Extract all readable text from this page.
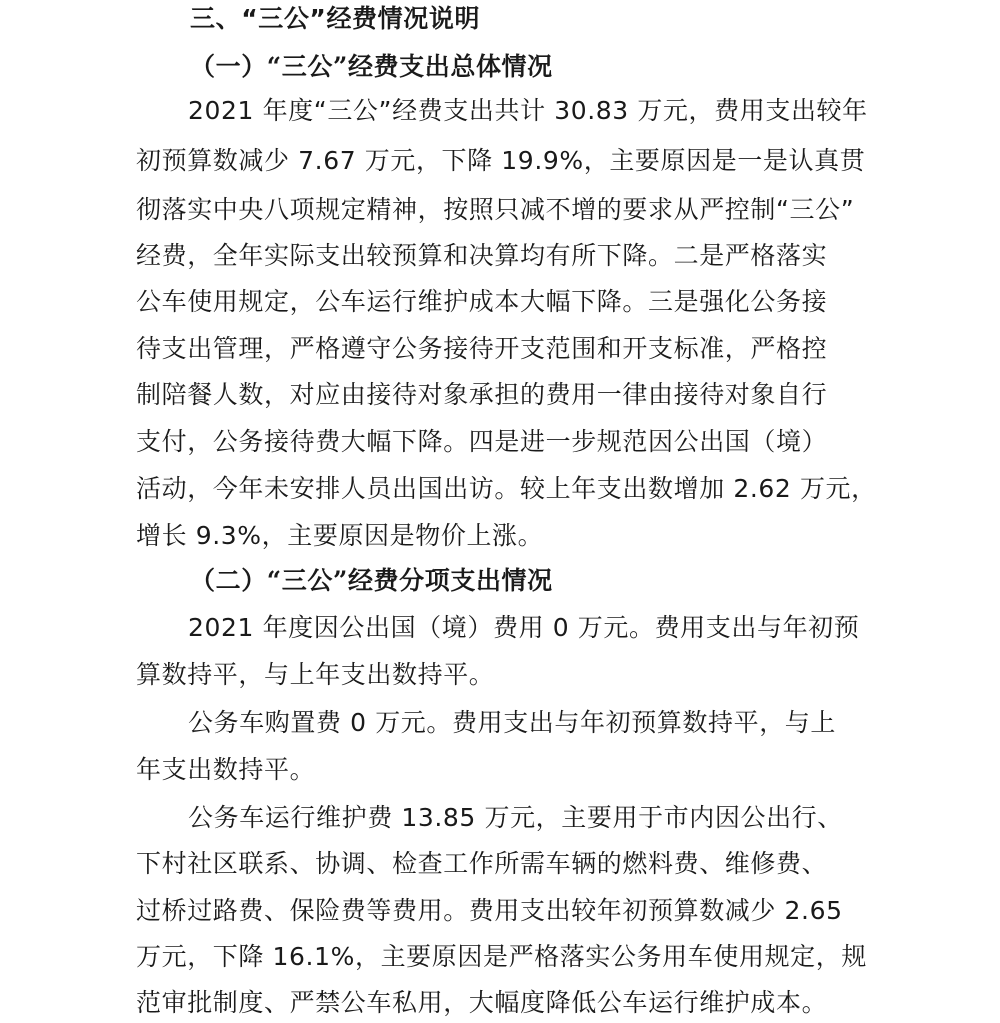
三、“三公”经费情况说明
（一）“三公”经费支出总体情况
2021 年度“三公”经费支出共计 30.83 万元，费用支出较年
初预算数减少 7.67 万元，下降 19.9%，主要原因是一是认真贯
彻落实中央八项规定精神，按照只减不增的要求从严控制“三公”
经费，全年实际支出较预算和决算均有所下降。二是严格落实
公车使用规定，公车运行维护成本大幅下降。三是强化公务接
待支出管理，严格遵守公务接待开支范围和开支标准，严格控
制陪餐人数，对应由接待对象承担的费用一律由接待对象自行
支付，公务接待费大幅下降。四是进一步规范因公出国（境）
活动，今年未安排人员出国出访。较上年支出数增加 2.62 万元，
增长 9.3%，主要原因是物价上涨。
（二）“三公”经费分项支出情况
2021 年度因公出国（境）费用 0 万元。费用支出与年初预
算数持平，与上年支出数持平。
公务车购置费 0 万元。费用支出与年初预算数持平，与上
年支出数持平。
公务车运行维护费 13.85 万元，主要用于市内因公出行、
下村社区联系、协调、检查工作所需车辆的燃料费、维修费、
过桥过路费、保险费等费用。费用支出较年初预算数减少 2.65
万元，下降 16.1%，主要原因是严格落实公务用车使用规定，规
范审批制度、严禁公车私用，大幅度降低公车运行维护成本。
